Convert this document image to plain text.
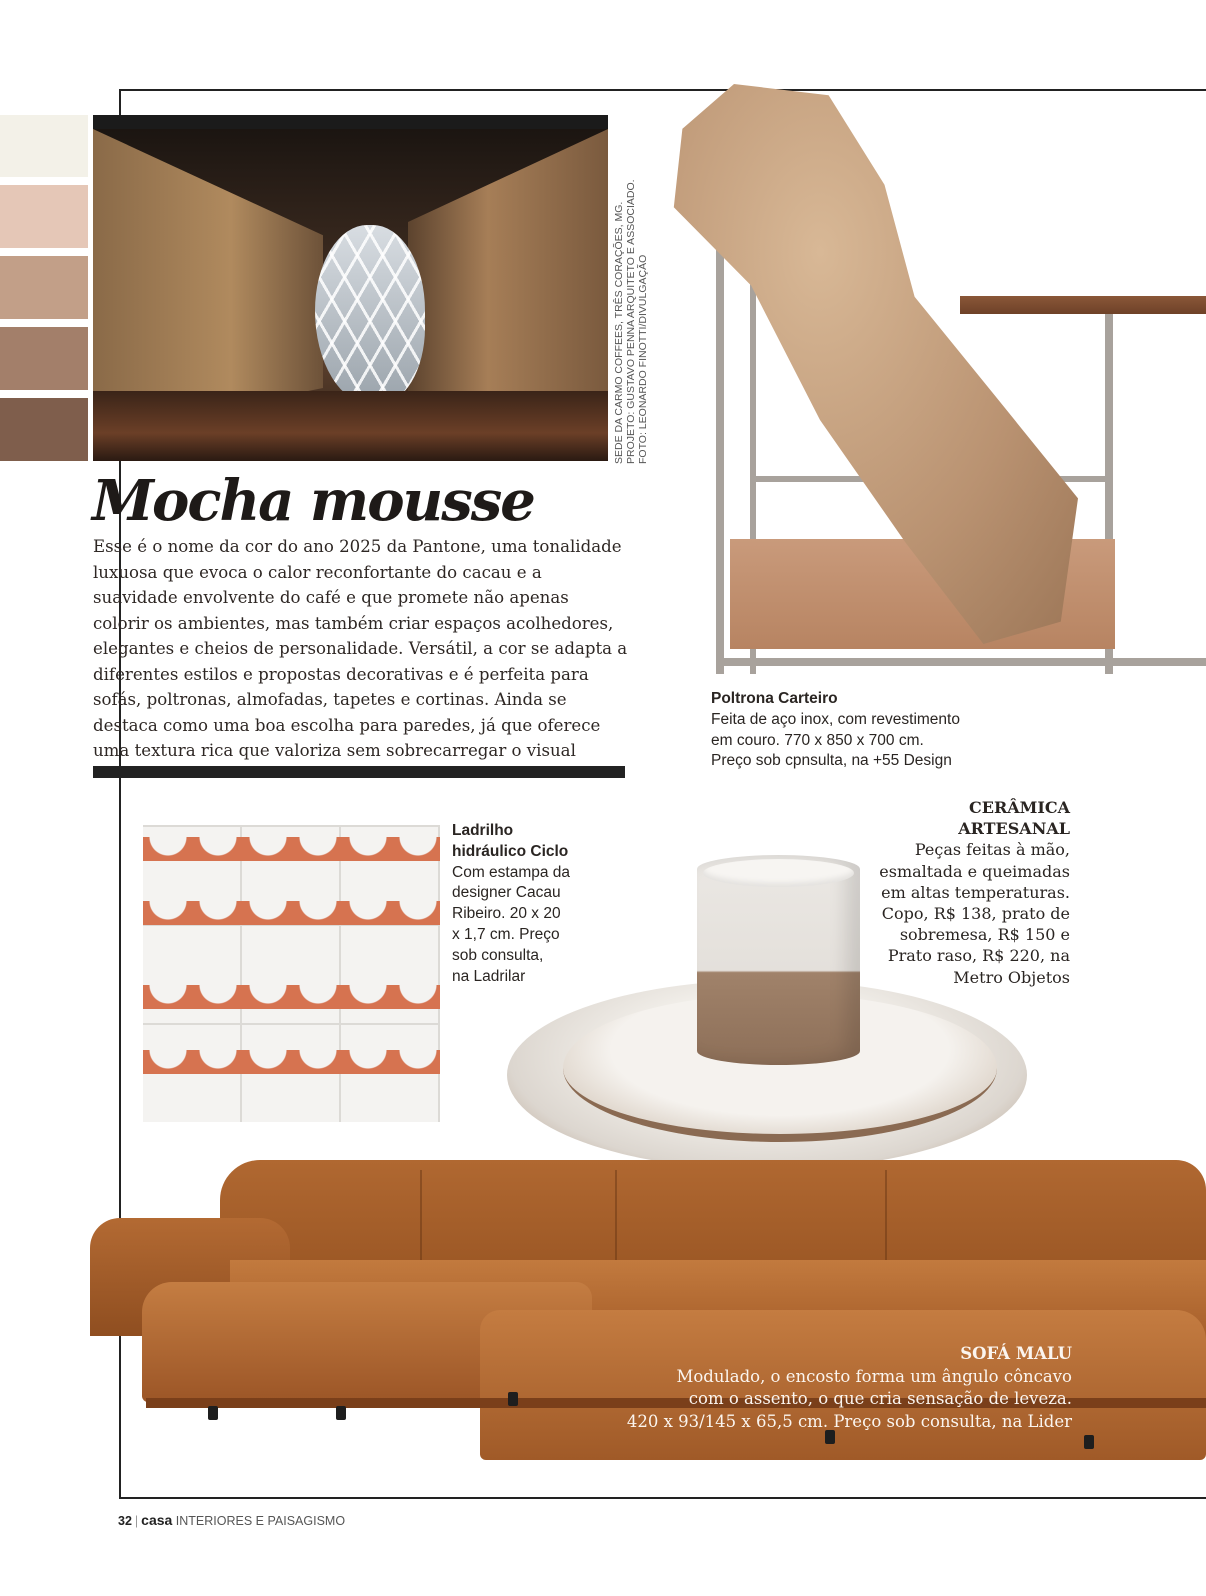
SEDE DA CARMO COFFEES, TRÊS CORAÇÕES, MG. PROJETO: GUSTAVO PENNA ARQUITETO E ASSOCIADO. FOTO: LEONARDO FINOTTI/DIVULGAÇÃO
Mocha mousse

Esse é o nome da cor do ano 2025 da Pantone, uma tonalidade luxuosa que evoca o calor reconfortante do cacau e a suavidade envolvente do café e que promete não apenas colorir os ambientes, mas também criar espaços acolhedores, elegantes e cheios de personalidade. Versátil, a cor se adapta a diferentes estilos e propostas decorativas e é perfeita para sofás, poltronas, almofadas, tapetes e cortinas. Ainda se destaca como uma boa escolha para paredes, já que oferece uma textura rica que valoriza sem sobrecarregar o visual

Poltrona Carteiro
Feita de aço inox, com revestimento
em couro. 770 x 850 x 700 cm.
Preço sob cpnsulta, na +55 Design
Ladrilho
hidráulico Ciclo
Com estampa da
designer Cacau
Ribeiro. 20 x 20
x 1,7 cm. Preço
sob consulta,
na Ladrilar
CERÂMICA
ARTESANAL
Peças feitas à mão,
esmaltada e queimadas
em altas temperaturas.
Copo, R$ 138, prato de
sobremesa, R$ 150 e
Prato raso, R$ 220, na
Metro Objetos
SOFÁ MALU
Modulado, o encosto forma um ângulo côncavo
com o assento, o que cria sensação de leveza.
420 x 93/145 x 65,5 cm. Preço sob consulta, na Lider
32 | casa INTERIORES E PAISAGISMO
